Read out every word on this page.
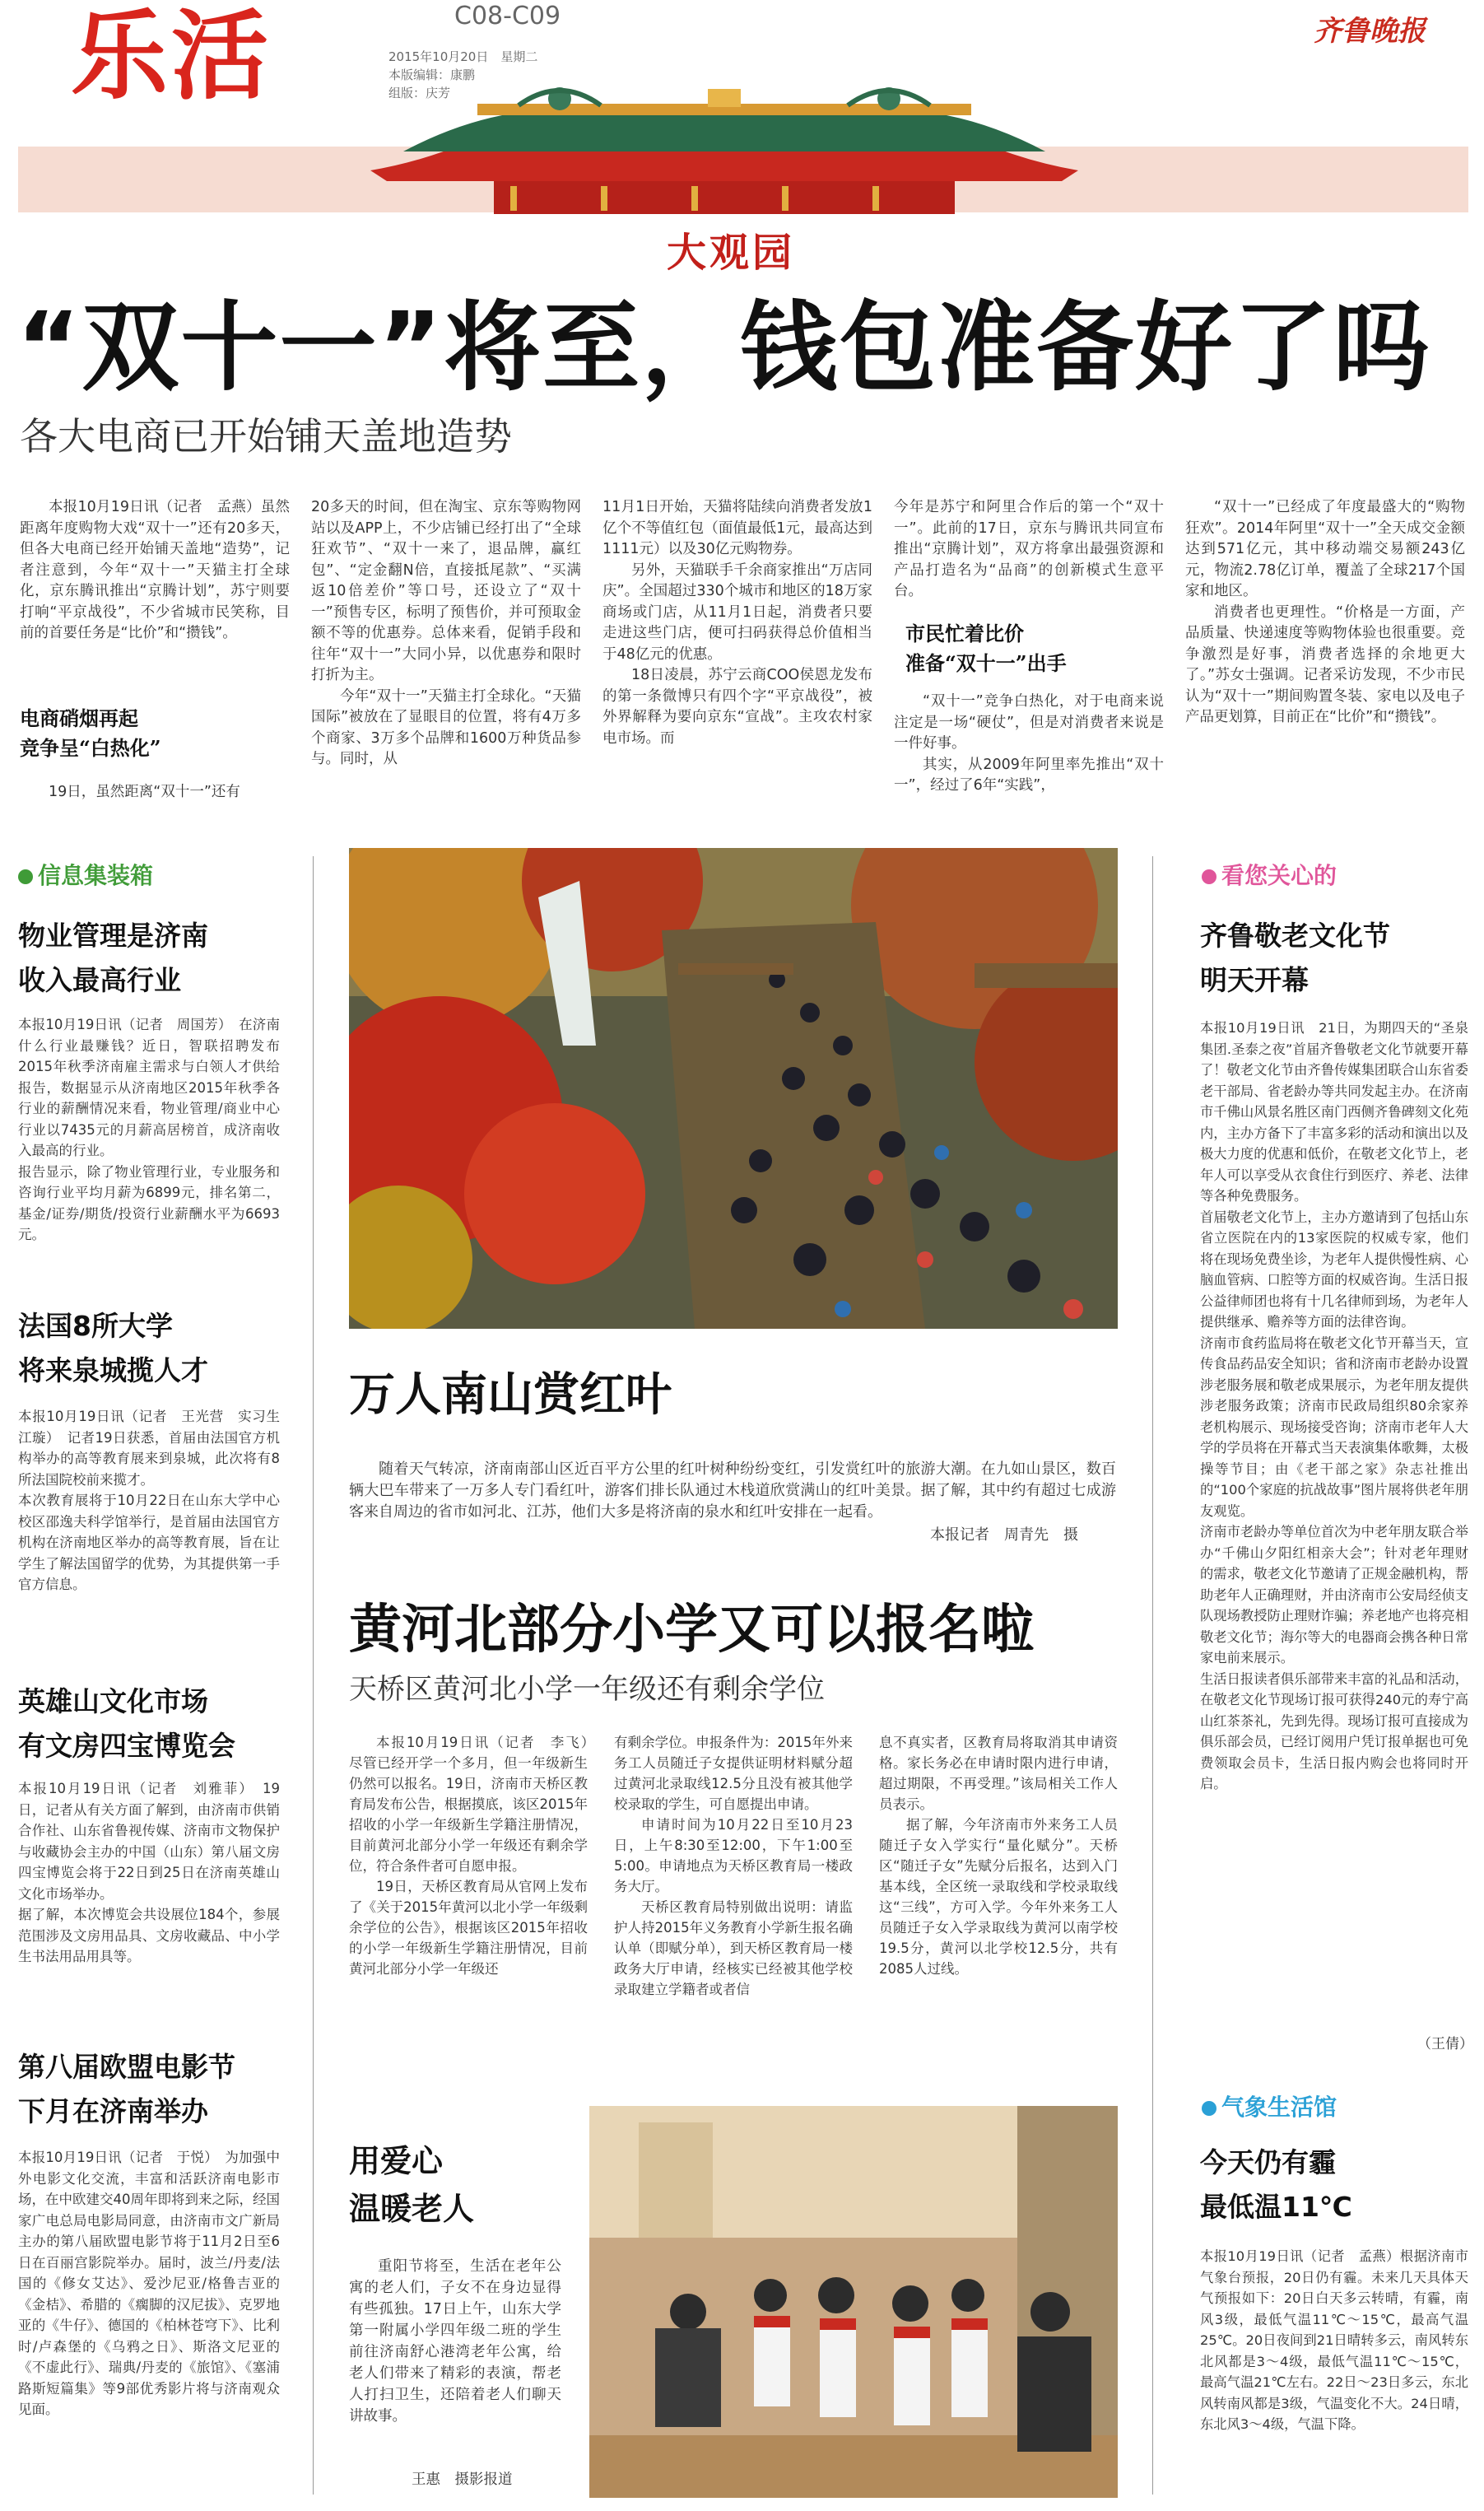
乐活	C08-C09
2015年10月20日　星期二
本版编辑：康鹏
组版：庆芳
齐鲁晚报
大观园
“双十一”将至，钱包准备好了吗
各大电商已开始铺天盖地造势

本报10月19日讯（记者　孟燕）虽然距离年度购物大戏“双十一”还有20多天，但各大电商已经开始铺天盖地“造势”，记者注意到，今年“双十一”天猫主打全球化，京东腾讯推出“京腾计划”，苏宁则要打响“平京战役”，不少省城市民笑称，目前的首要任务是“比价”和“攒钱”。

电商硝烟再起
竞争呈“白热化”

19日，虽然距离“双十一”还有

20多天的时间，但在淘宝、京东等购物网站以及APP上，不少店铺已经打出了“全球狂欢节”、“双十一来了，退品牌，赢红包”、“定金翻N倍，直接抵尾款”、“买满返10倍差价”等口号，还设立了“双十一”预售专区，标明了预售价，并可预取金额不等的优惠券。总体来看，促销手段和往年“双十一”大同小异，以优惠券和限时打折为主。

今年“双十一”天猫主打全球化。“天猫国际”被放在了显眼目的位置，将有4万多个商家、3万多个品牌和1600万种货品参与。同时，从

11月1日开始，天猫将陆续向消费者发放1亿个不等值红包（面值最低1元，最高达到1111元）以及30亿元购物券。

另外，天猫联手千余商家推出“万店同庆”。全国超过330个城市和地区的18万家商场或门店，从11月1日起，消费者只要走进这些门店，便可扫码获得总价值相当于48亿元的优惠。

18日凌晨，苏宁云商COO侯恩龙发布的第一条微博只有四个字“平京战役”，被外界解释为要向京东“宣战”。主攻农村家电市场。而

今年是苏宁和阿里合作后的第一个“双十一”。此前的17日，京东与腾讯共同宣布推出“京腾计划”，双方将拿出最强资源和产品打造名为“品商”的创新模式生意平台。

市民忙着比价
准备“双十一”出手

“双十一”竞争白热化，对于电商来说注定是一场“硬仗”，但是对消费者来说是一件好事。

其实，从2009年阿里率先推出“双十一”，经过了6年“实践”，

“双十一”已经成了年度最盛大的“购物狂欢”。2014年阿里“双十一”全天成交金额达到571亿元，其中移动端交易额243亿元，物流2.78亿订单，覆盖了全球217个国家和地区。

消费者也更理性。“价格是一方面，产品质量、快递速度等购物体验也很重要。竞争激烈是好事，消费者选择的余地更大了。”苏女士强调。记者采访发现，不少市民认为“双十一”期间购置冬装、家电以及电子产品更划算，目前正在“比价”和“攒钱”。

信息集装箱
物业管理是济南
收入最高行业
本报10月19日讯（记者　周国芳）　在济南什么行业最赚钱？近日，智联招聘发布2015年秋季济南雇主需求与白领人才供给报告，数据显示从济南地区2015年秋季各行业的薪酬情况来看，物业管理/商业中心行业以7435元的月薪高居榜首，成济南收入最高的行业。
报告显示，除了物业管理行业，专业服务和咨询行业平均月薪为6899元，排名第二，基金/证券/期货/投资行业薪酬水平为6693元。
法国8所大学
将来泉城揽人才
本报10月19日讯（记者　王光营　实习生　江璇）　记者19日获悉，首届由法国官方机构举办的高等教育展来到泉城，此次将有8所法国院校前来揽才。
本次教育展将于10月22日在山东大学中心校区邵逸夫科学馆举行，是首届由法国官方机构在济南地区举办的高等教育展，旨在让学生了解法国留学的优势，为其提供第一手官方信息。
英雄山文化市场
有文房四宝博览会
本报10月19日讯（记者　刘雅菲）　19日，记者从有关方面了解到，由济南市供销合作社、山东省鲁视传媒、济南市文物保护与收藏协会主办的中国（山东）第八届文房四宝博览会将于22日到25日在济南英雄山文化市场举办。
据了解，本次博览会共设展位184个，参展范围涉及文房用品具、文房收藏品、中小学生书法用品用具等。
第八届欧盟电影节
下月在济南举办
本报10月19日讯（记者　于悦）　为加强中外电影文化交流，丰富和活跃济南电影市场，在中欧建交40周年即将到来之际，经国家广电总局电影局同意，由济南市文广新局主办的第八届欧盟电影节将于11月2日至6日在百丽宫影院举办。届时，波兰/丹麦/法国的《修女艾达》、爱沙尼亚/格鲁吉亚的《金桔》、希腊的《瘸脚的汉尼拔》、克罗地亚的《牛仔》、德国的《柏林苍穹下》、比利时/卢森堡的《乌鸦之日》、斯洛文尼亚的《不虚此行》、瑞典/丹麦的《旅馆》、《塞浦路斯短篇集》等9部优秀影片将与济南观众见面。
万人南山赏红叶
随着天气转凉，济南南部山区近百平方公里的红叶树种纷纷变红，引发赏红叶的旅游大潮。在九如山景区，数百辆大巴车带来了一万多人专门看红叶，游客们排长队通过木栈道欣赏满山的红叶美景。据了解，其中约有超过七成游客来自周边的省市如河北、江苏，他们大多是将济南的泉水和红叶安排在一起看。
本报记者　周青先　摄
黄河北部分小学又可以报名啦
天桥区黄河北小学一年级还有剩余学位

本报10月19日讯（记者　李飞）　尽管已经开学一个多月，但一年级新生仍然可以报名。19日，济南市天桥区教育局发布公告，根据摸底，该区2015年招收的小学一年级新生学籍注册情况，目前黄河北部分小学一年级还有剩余学位，符合条件者可自愿申报。

19日，天桥区教育局从官网上发布了《关于2015年黄河以北小学一年级剩余学位的公告》，根据该区2015年招收的小学一年级新生学籍注册情况，目前黄河北部分小学一年级还

有剩余学位。申报条件为：2015年外来务工人员随迁子女提供证明材料赋分超过黄河北录取线12.5分且没有被其他学校录取的学生，可自愿提出申请。

申请时间为10月22日至10月23日，上午8:30至12:00，下午1:00至5:00。申请地点为天桥区教育局一楼政务大厅。

天桥区教育局特别做出说明：请监护人持2015年义务教育小学新生报名确认单（即赋分单），到天桥区教育局一楼政务大厅申请，经核实已经被其他学校录取建立学籍者或者信

息不真实者，区教育局将取消其申请资格。家长务必在申请时限内进行申请，超过期限，不再受理。”该局相关工作人员表示。

据了解，今年济南市外来务工人员随迁子女入学实行“量化赋分”。天桥区“随迁子女”先赋分后报名，达到入门基本线，全区统一录取线和学校录取线这“三线”，方可入学。今年外来务工人员随迁子女入学录取线为黄河以南学校19.5分，黄河以北学校12.5分，共有2085人过线。

用爱心
温暖老人
重阳节将至，生活在老年公寓的老人们，子女不在身边显得有些孤独。17日上午，山东大学第一附属小学四年级二班的学生前往济南舒心港湾老年公寓，给老人们带来了精彩的表演，帮老人打扫卫生，还陪着老人们聊天讲故事。
王惠　摄影报道
看您关心的
齐鲁敬老文化节
明天开幕
本报10月19日讯　21日，为期四天的“圣泉集团.圣泰之夜”首届齐鲁敬老文化节就要开幕了！敬老文化节由齐鲁传媒集团联合山东省委老干部局、省老龄办等共同发起主办。在济南市千佛山风景名胜区南门西侧齐鲁碑刻文化苑内，主办方备下了丰富多彩的活动和演出以及极大力度的优惠和低价，在敬老文化节上，老年人可以享受从衣食住行到医疗、养老、法律等各种免费服务。
首届敬老文化节上，主办方邀请到了包括山东省立医院在内的13家医院的权威专家，他们将在现场免费坐诊，为老年人提供慢性病、心脑血管病、口腔等方面的权威咨询。生活日报公益律师团也将有十几名律师到场，为老年人提供继承、赡养等方面的法律咨询。
济南市食药监局将在敬老文化节开幕当天，宣传食品药品安全知识；省和济南市老龄办设置涉老服务展和敬老成果展示，为老年朋友提供涉老服务政策；济南市民政局组织80余家养老机构展示、现场接受咨询；济南市老年人大学的学员将在开幕式当天表演集体歌舞，太极操等节目；由《老干部之家》杂志社推出的“100个家庭的抗战故事”图片展将供老年朋友观览。
济南市老龄办等单位首次为中老年朋友联合举办“千佛山夕阳红相亲大会”；针对老年理财的需求，敬老文化节邀请了正规金融机构，帮助老年人正确理财，并由济南市公安局经侦支队现场教授防止理财诈骗；养老地产也将亮相敬老文化节；海尔等大的电器商会携各种日常家电前来展示。
生活日报读者俱乐部带来丰富的礼品和活动，在敬老文化节现场订报可获得240元的寿宁高山红茶茶礼，先到先得。现场订报可直接成为俱乐部会员，已经订阅用户凭订报单据也可免费领取会员卡，生活日报内购会也将同时开启。
（王倩）
气象生活馆
今天仍有霾
最低温11℃
本报10月19日讯（记者　孟燕）根据济南市气象台预报，20日仍有霾。未来几天具体天气预报如下：20日白天多云转晴，有霾，南风3级，最低气温11℃～15℃，最高气温25℃。20日夜间到21日晴转多云，南风转东北风都是3～4级，最低气温11℃～15℃，最高气温21℃左右。22日～23日多云，东北风转南风都是3级，气温变化不大。24日晴，东北风3～4级，气温下降。
